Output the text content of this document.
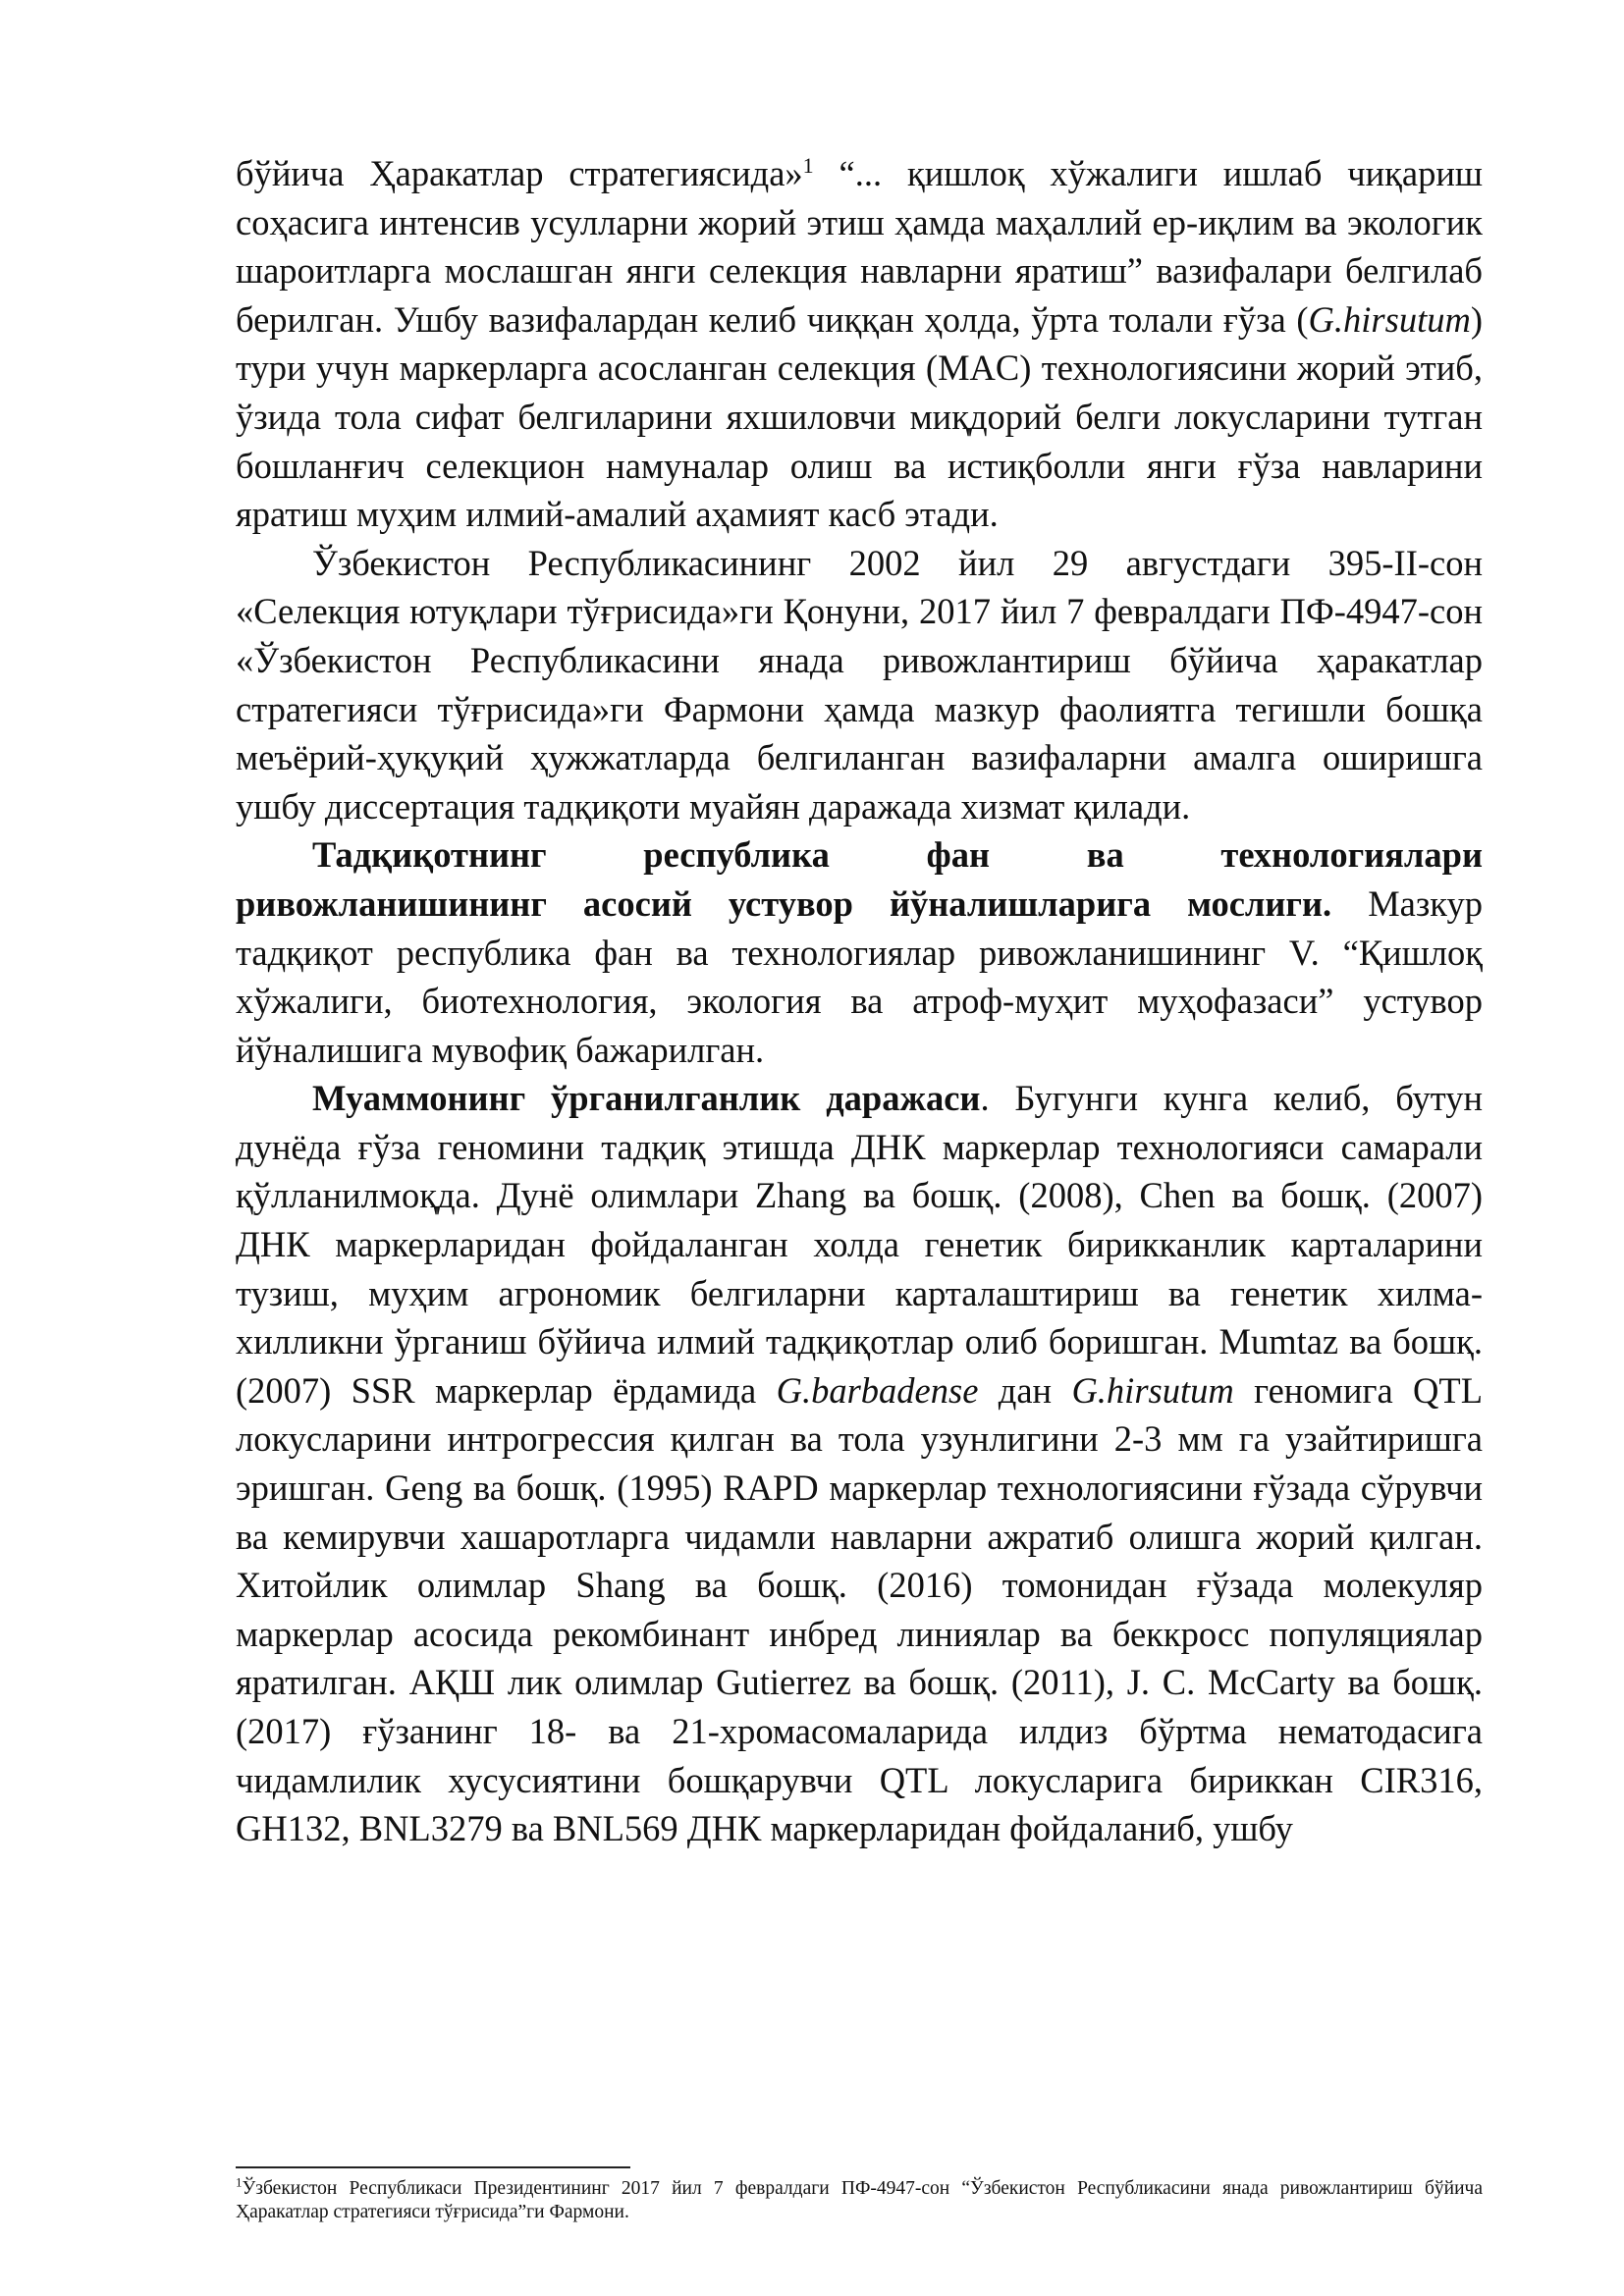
бўйича Ҳаракатлар стратегиясида»$^1$ “... қишлоқ хўжалиги ишлаб чиқариш соҳасига интенсив усулларни жорий этиш ҳамда маҳаллий ер-иқлим ва экологик шароитларга мослашган янги селекция навларни яратиш” вазифалари белгилаб берилган. Ушбу вазифалардан келиб чиққан ҳолда, ўрта толали ғўза (G.hirsutum) тури учун маркерларга асосланган селекция (MAC) технологиясини жорий этиб, ўзида тола сифат белгиларини яхшиловчи миқдорий белги локусларини тутган бошланғич селекцион намуналар олиш ва истиқболли янги ғўза навларини яратиш муҳим илмий-амалий аҳамият касб этади.

Ўзбекистон Республикасининг 2002 йил 29 августдаги 395-II-сон «Селекция ютуқлари тўғрисида»ги Қонуни, 2017 йил 7 февралдаги ПФ-4947-сон «Ўзбекистон Республикасини янада ривожлантириш бўйича ҳаракатлар стратегияси тўғрисида»ги Фармони ҳамда мазкур фаолиятга тегишли бошқа меъёрий-ҳуқуқий ҳужжатларда белгиланган вазифаларни амалга оширишга ушбу диссертация тадқиқоти муайян даражада хизмат қилади.

Тадқиқотнинг	республика	фан	ва	технологиялари

ривожланишининг асосий устувор йўналишларига мослиги. Мазкур тадқиқот республика фан ва технологиялар ривожланишининг V. “Қишлоқ хўжалиги, биотехнология, экология ва атроф-муҳит муҳофазаси” устувор йўналишига мувофиқ бажарилган.

Муаммонинг ўрганилганлик даражаси. Бугунги кунга келиб, бутун дунёда ғўза геномини тадқиқ этишда ДНК маркерлар технологияси самарали қўлланилмоқда. Дунё олимлари Zhang ва бошқ. (2008), Chen ва бошқ. (2007) ДНК маркерларидан фойдаланган холда генетик бирикканлик карталарини тузиш, муҳим агрономик белгиларни карталаштириш ва генетик хилма-хилликни ўрганиш бўйича илмий тадқиқотлар олиб боришган. Mumtaz ва бошқ. (2007) SSR маркерлар ёрдамида G.barbadense дан G.hirsutum геномига QTL локусларини интрогрессия қилган ва тола узунлигини 2-3 мм га узайтиришга эришган. Geng ва бошқ. (1995) RAPD маркерлар технологиясини ғўзада сўрувчи ва кемирувчи хашаротларга чидамли навларни ажратиб олишга жорий қилган. Хитойлик олимлар Shang ва бошқ. (2016) томонидан ғўзада молекуляр маркерлар асосида рекомбинант инбред линиялар ва беккросс популяциялар яратилган. АҚШ лик олимлар Gutierrez ва бошқ. (2011), J. C. McCarty ва бошқ. (2017) ғўзанинг 18- ва 21-хромасомаларида илдиз бўртма нематодасига чидамлилик хусусиятини бошқарувчи QTL локусларига бириккан CIR316, GH132, BNL3279 ва BNL569 ДНК маркерларидан фойдаланиб, ушбу

$^1$Ўзбекистон Республикаси Президентининг 2017 йил 7 февралдаги ПФ-4947-сон “Ўзбекистон Республикасини янада ривожлантириш бўйича Ҳаракатлар стратегияси тўғрисида”ги Фармони.
